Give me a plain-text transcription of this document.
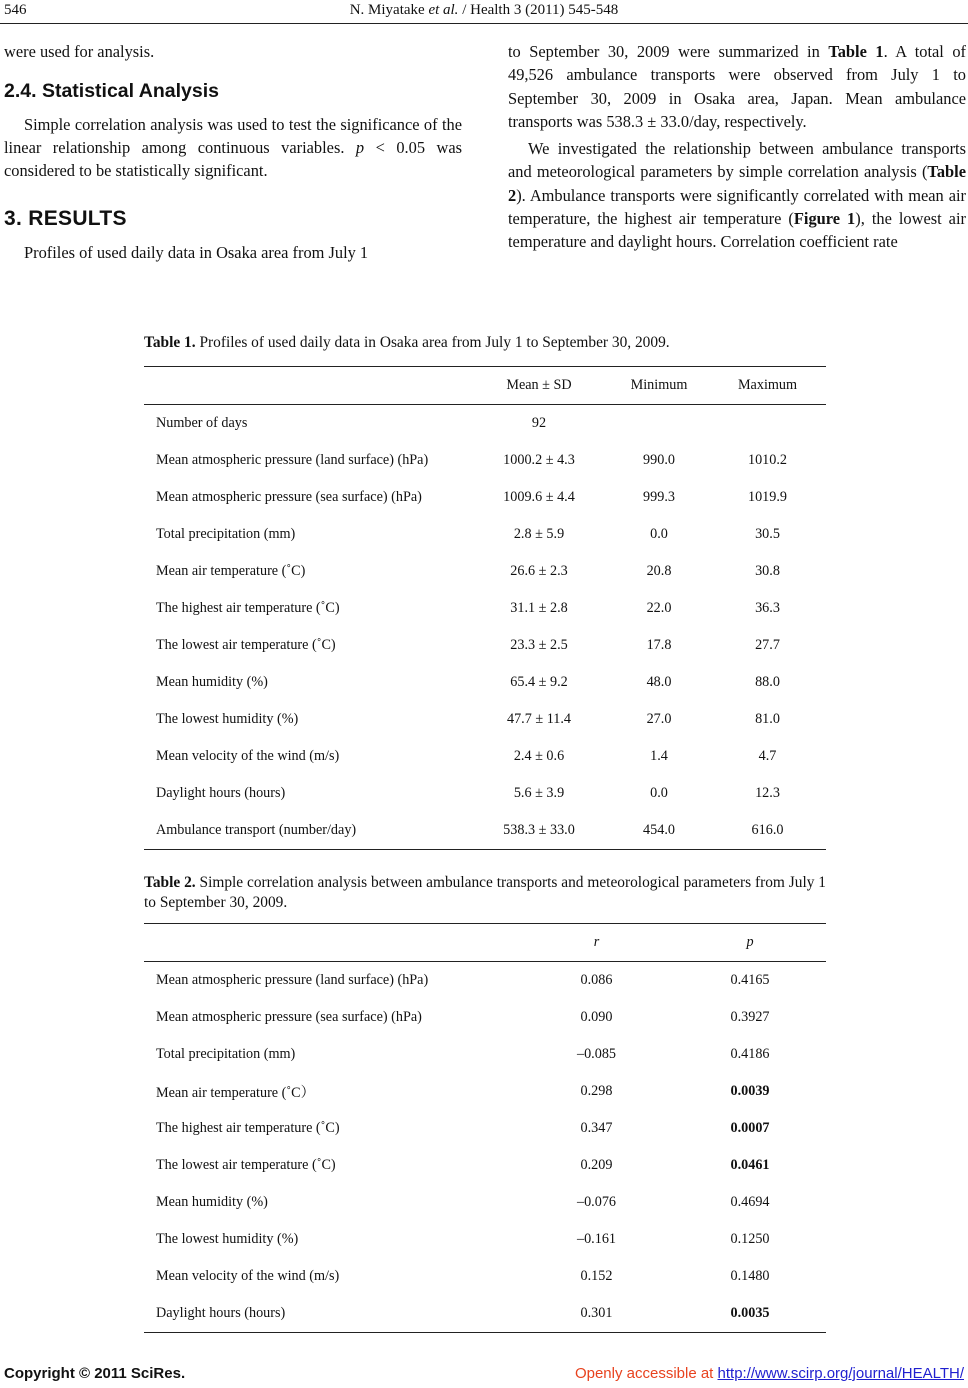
546	N. Miyatake et al. / Health 3 (2011) 545-548

were used for analysis.

2.4. Statistical Analysis

Simple correlation analysis was used to test the significance of the linear relationship among continuous variables. p < 0.05 was considered to be statistically significant.

3. RESULTS

Profiles of used daily data in Osaka area from July 1

to September 30, 2009 were summarized in Table 1. A total of 49,526 ambulance transports were observed from July 1 to September 30, 2009 in Osaka area, Japan. Mean ambulance transports was 538.3 ± 33.0/day, respectively.

We investigated the relationship between ambulance transports and meteorological parameters by simple correlation analysis (Table 2). Ambulance transports were significantly correlated with mean air temperature, the highest air temperature (Figure 1), the lowest air temperature and daylight hours. Correlation coefficient rate

Table 1. Profiles of used daily data in Osaka area from July 1 to September 30, 2009.
	Mean ± SD	Minimum	Maximum
Number of days	92		
Mean atmospheric pressure (land surface) (hPa)	1000.2 ± 4.3	990.0	1010.2
Mean atmospheric pressure (sea surface) (hPa)	1009.6 ± 4.4	999.3	1019.9
Total precipitation (mm)	2.8 ± 5.9	0.0	30.5
Mean air temperature (˚C)	26.6 ± 2.3	20.8	30.8
The highest air temperature (˚C)	31.1 ± 2.8	22.0	36.3
The lowest air temperature (˚C)	23.3 ± 2.5	17.8	27.7
Mean humidity (%)	65.4 ± 9.2	48.0	88.0
The lowest humidity (%)	47.7 ± 11.4	27.0	81.0
Mean velocity of the wind (m/s)	2.4 ± 0.6	1.4	4.7
Daylight hours (hours)	5.6 ± 3.9	0.0	12.3
Ambulance transport (number/day)	538.3 ± 33.0	454.0	616.0
Table 2. Simple correlation analysis between ambulance transports and meteorological parameters from July 1 to September 30, 2009.
	r	p
Mean atmospheric pressure (land surface) (hPa)	0.086	0.4165
Mean atmospheric pressure (sea surface) (hPa)	0.090	0.3927
Total precipitation (mm)	–0.085	0.4186
Mean air temperature (˚C）	0.298	0.0039
The highest air temperature (˚C)	0.347	0.0007
The lowest air temperature (˚C)	0.209	0.0461
Mean humidity (%)	–0.076	0.4694
The lowest humidity (%)	–0.161	0.1250
Mean velocity of the wind (m/s)	0.152	0.1480
Daylight hours (hours)	0.301	0.0035
Copyright © 2011 SciRes.	Openly accessible at http://www.scirp.org/journal/HEALTH/
